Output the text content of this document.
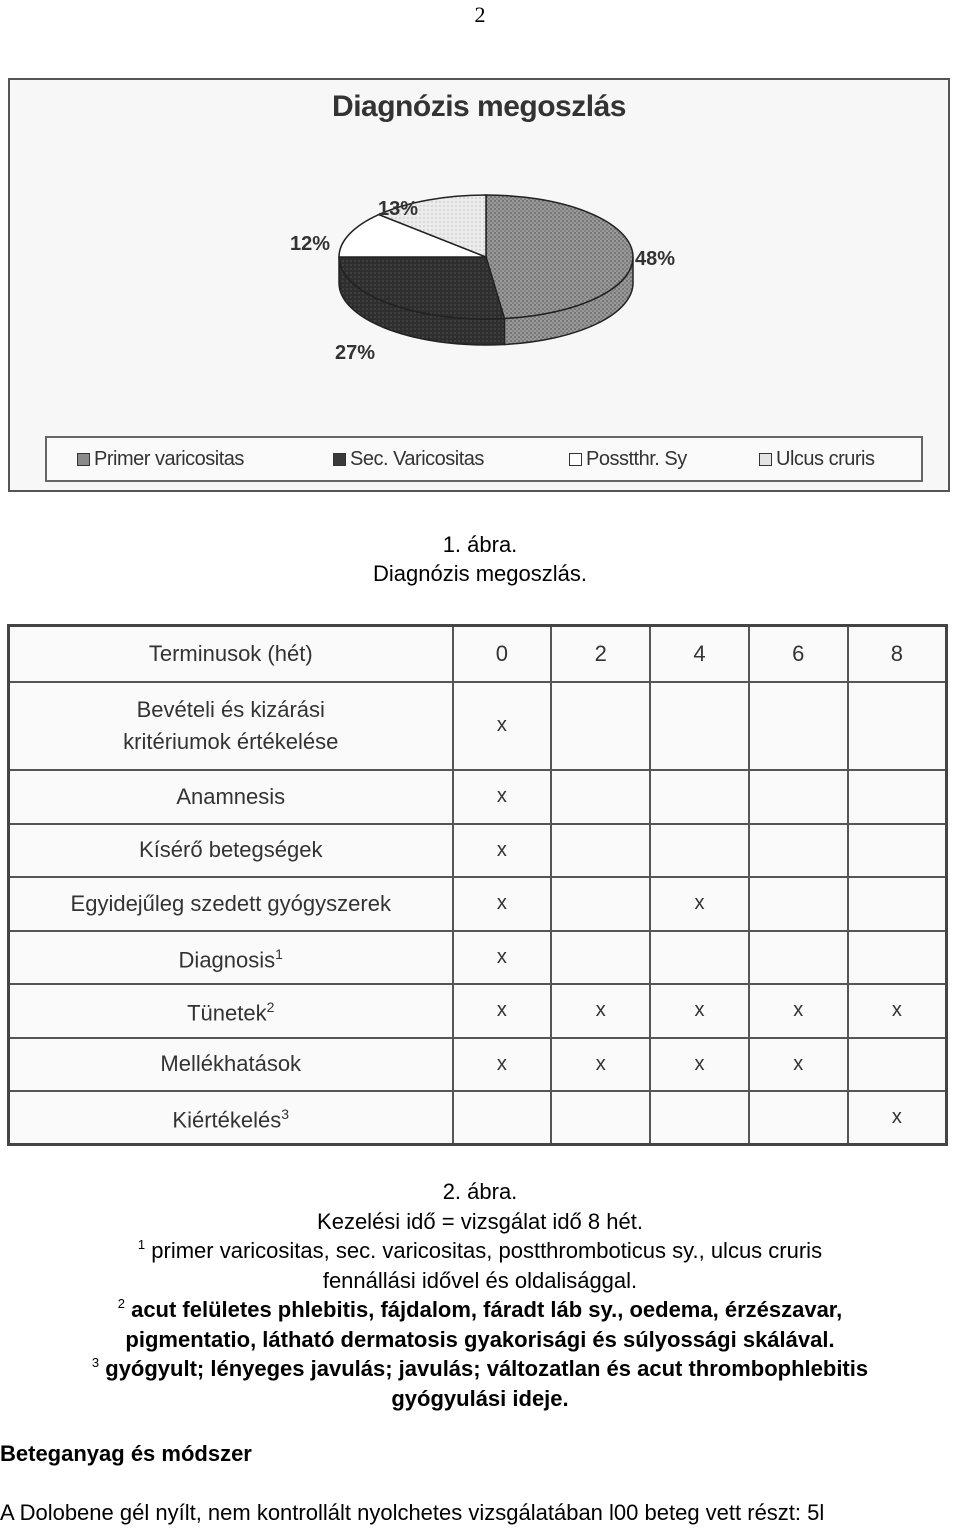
2
Diagnózis megoszlás
48%
27%
12%
13%
Primer varicositas	Sec. Varicositas	Posstthr. Sy	Ulcus cruris
1. ábra.
Diagnózis megoszlás.
Terminusok (hét)	0	2	4	6	8
Bevételi és kizárási kritériumok értékelése	x				
Anamnesis	x				
Kísérő betegségek	x				
Egyidejűleg szedett gyógyszerek	x		x		
Diagnosis$^1$	x				
Tünetek$^2$	x	x	x	x	x
Mellékhatások	x	x	x	x	
Kiértékelés$^3$					x
2. ábra.
Kezelési idő = vizsgálat idő 8 hét.
$^1$ primer varicositas, sec. varicositas, postthromboticus sy., ulcus cruris
fennállási idővel és oldalisággal.
$^2$ acut felületes phlebitis, fájdalom, fáradt láb sy., oedema, érzészavar,
pigmentatio, látható dermatosis gyakorisági és súlyossági skálával.
$^3$ gyógyult; lényeges javulás; javulás; változatlan és acut thrombophlebitis
gyógyulási ideje.
Beteganyag és módszer
A Dolobene gél nyílt, nem kontrollált nyolchetes vizsgálatában l00 beteg vett részt: 5l
